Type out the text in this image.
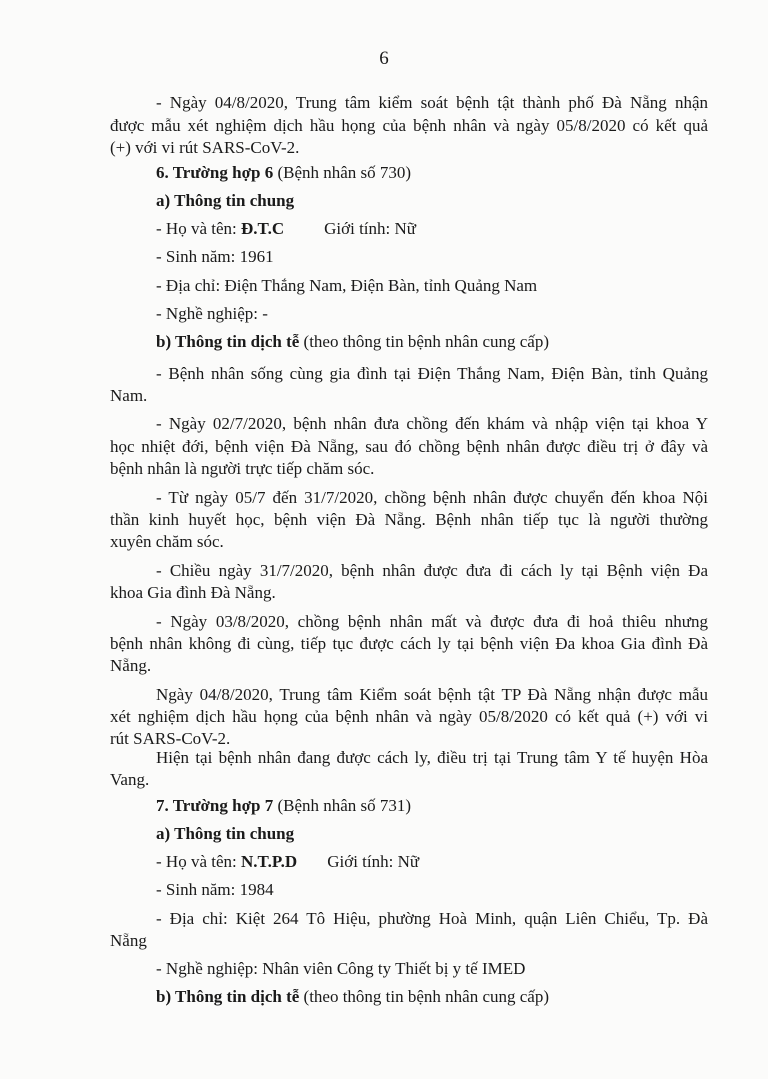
6
- Ngày 04/8/2020, Trung tâm kiểm soát bệnh tật thành phố Đà Nẵng nhận
được mẫu xét nghiệm dịch hầu họng của bệnh nhân và ngày 05/8/2020 có kết quả
(+) với vi rút SARS-CoV-2.
6. Trường hợp 6 (Bệnh nhân số 730)
a) Thông tin chung
- Họ và tên: Đ.T.C Giới tính: Nữ
- Sinh năm: 1961
- Địa chỉ: Điện Thắng Nam, Điện Bàn, tỉnh Quảng Nam
- Nghề nghiệp: -
b) Thông tin dịch tễ (theo thông tin bệnh nhân cung cấp)
- Bệnh nhân sống cùng gia đình tại Điện Thắng Nam, Điện Bàn, tỉnh Quảng
Nam.
- Ngày 02/7/2020, bệnh nhân đưa chồng đến khám và nhập viện tại khoa Y
học nhiệt đới, bệnh viện Đà Nẵng, sau đó chồng bệnh nhân được điều trị ở đây và
bệnh nhân là người trực tiếp chăm sóc.
- Từ ngày 05/7 đến 31/7/2020, chồng bệnh nhân được chuyển đến khoa Nội
thần kinh huyết học, bệnh viện Đà Nẵng. Bệnh nhân tiếp tục là người thường
xuyên chăm sóc.
- Chiều ngày 31/7/2020, bệnh nhân được đưa đi cách ly tại Bệnh viện Đa
khoa Gia đình Đà Nẵng.
- Ngày 03/8/2020, chồng bệnh nhân mất và được đưa đi hoả thiêu nhưng
bệnh nhân không đi cùng, tiếp tục được cách ly tại bệnh viện Đa khoa Gia đình Đà
Nẵng.
Ngày 04/8/2020, Trung tâm Kiểm soát bệnh tật TP Đà Nẵng nhận được mẫu
xét nghiệm dịch hầu họng của bệnh nhân và ngày 05/8/2020 có kết quả (+) với vi
rút SARS-CoV-2.
Hiện tại bệnh nhân đang được cách ly, điều trị tại Trung tâm Y tế huyện Hòa
Vang.
7. Trường hợp 7 (Bệnh nhân số 731)
a) Thông tin chung
- Họ và tên: N.T.P.D Giới tính: Nữ
- Sinh năm: 1984
- Địa chỉ: Kiệt 264 Tô Hiệu, phường Hoà Minh, quận Liên Chiểu, Tp. Đà
Nẵng
- Nghề nghiệp: Nhân viên Công ty Thiết bị y tế IMED
b) Thông tin dịch tễ (theo thông tin bệnh nhân cung cấp)
